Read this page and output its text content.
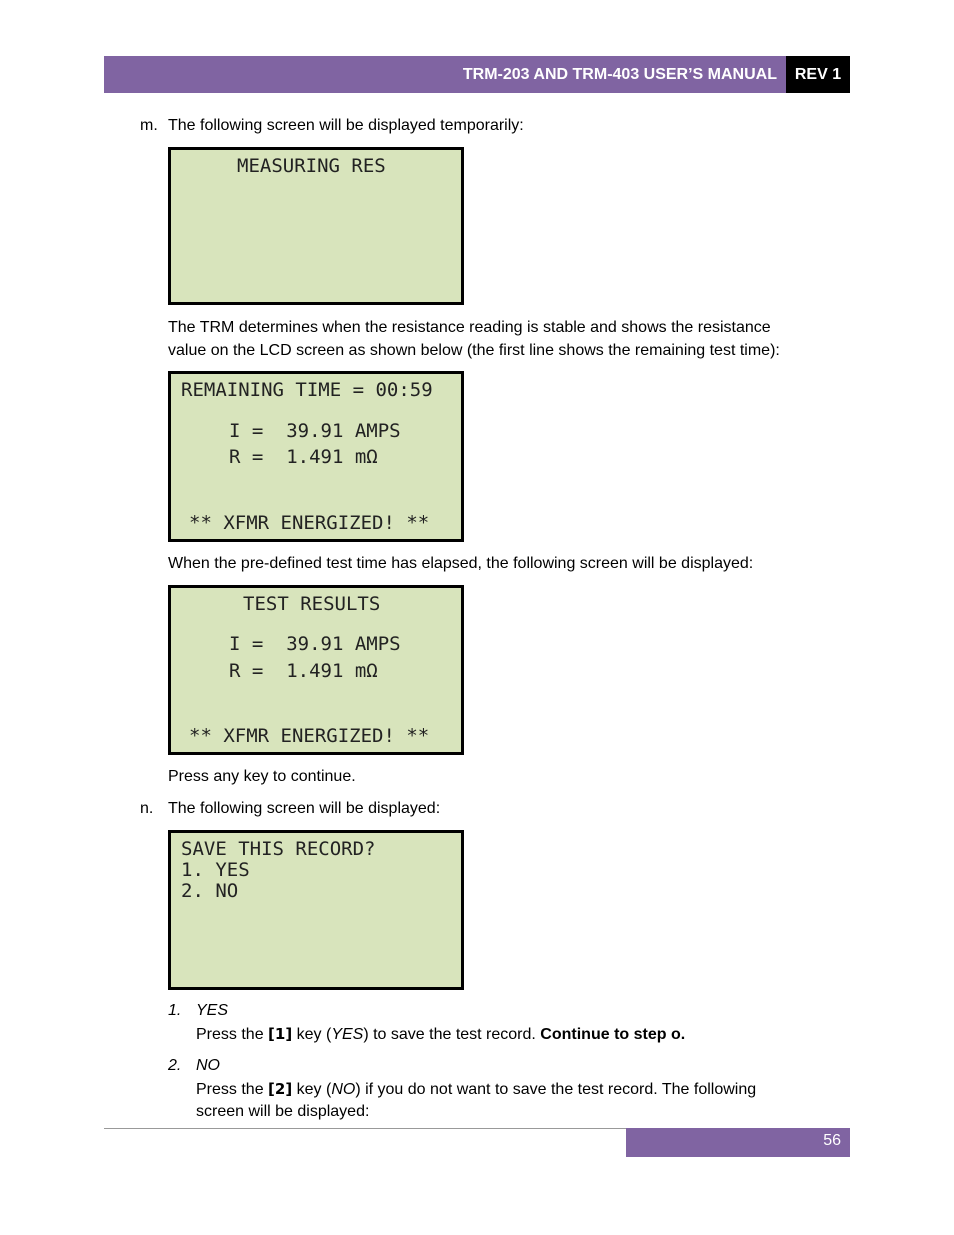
TRM-203 AND TRM-403 USER’S MANUAL	REV 1
m. The following screen will be displayed temporarily:
MEASURING RES
The TRM determines when the resistance reading is stable and shows the resistance
value on the LCD screen as shown below (the first line shows the remaining test time):
REMAINING TIME = 00:59
I =  39.91 AMPS
R =  1.491 mΩ
** XFMR ENERGIZED! **
When the pre-defined test time has elapsed, the following screen will be displayed:
TEST RESULTS
I =  39.91 AMPS
R =  1.491 mΩ
** XFMR ENERGIZED! **
Press any key to continue.
n. The following screen will be displayed:
SAVE THIS RECORD?
1. YES
2. NO
1. YES
Press the [1] key (YES) to save the test record. Continue to step o.
2. NO
Press the [2] key (NO) if you do not want to save the test record. The following
screen will be displayed:
56
